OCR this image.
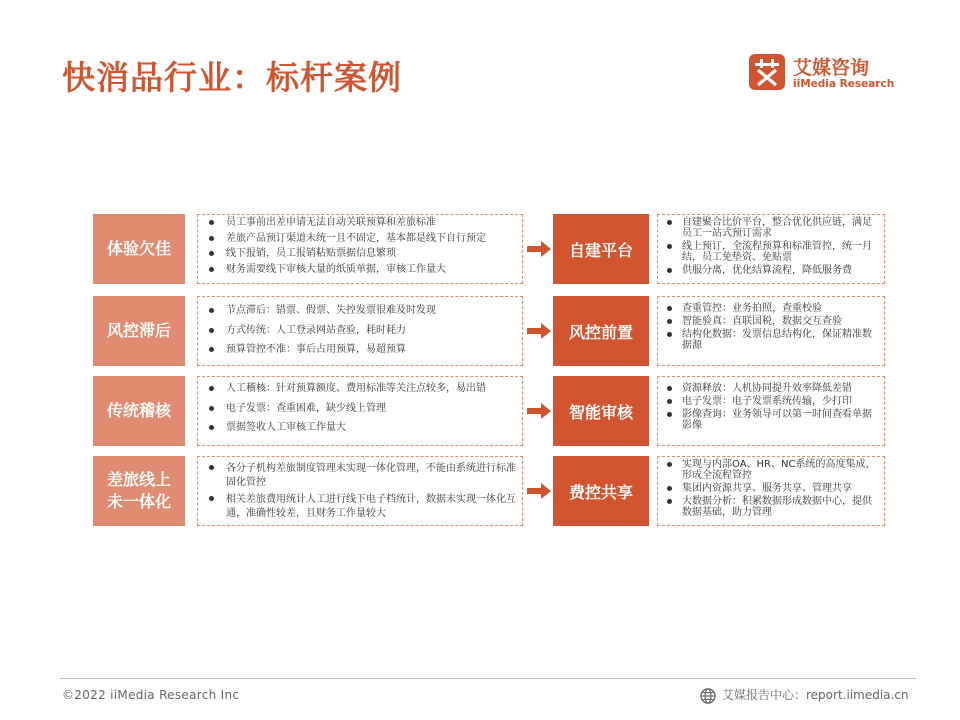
快消品行业：标杆案例	艾媒咨询
iiMedia Research
体验欠佳
员工事前出差申请无法自动关联预算和差旅标准
差旅产品预订渠道未统一且不固定，基本都是线下自行预定
线下报销，员工报销粘贴票据信息繁琐
财务需要线下审核大量的纸质单据，审核工作量大
自建平台
自建聚合比价平台，整合优化供应链，满足员工一站式预订需求
线上预订，全流程预算和标准管控，统一月结，员工免垫资、免贴票
供服分离，优化结算流程，降低服务费
风控滞后
节点滞后：错票、假票、失控发票很难及时发现
方式传统：人工登录网站查验，耗时耗力
预算管控不准：事后占用预算，易超预算
风控前置
查重管控：业务拍照，查重校验
智能验真：直联国税，数据交互查验
结构化数据：发票信息结构化，保证精准数据源
传统稽核
人工稽核：针对预算额度、费用标准等关注点较多，易出错
电子发票：查重困难，缺少线上管理
票据签收人工审核工作量大
智能审核
资源释放：人机协同提升效率降低差错
电子发票：电子发票系统传输，少打印
影像查询：业务领导可以第一时间查看单据影像
差旅线上
未一体化
各分子机构差旅制度管理未实现一体化管理，不能由系统进行标准固化管控
相关差旅费用统计人工进行线下电子档统计，数据未实现一体化互通，准确性较差，且财务工作量较大
费控共享
实现与内部OA、HR、NC系统的高度集成，形成全流程管控
集团内资源共享、服务共享、管理共享
大数据分析：积累数据形成数据中心，提供数据基础，助力管理
©2022 iiMedia Research Inc	艾媒报告中心：report.iimedia.cn
